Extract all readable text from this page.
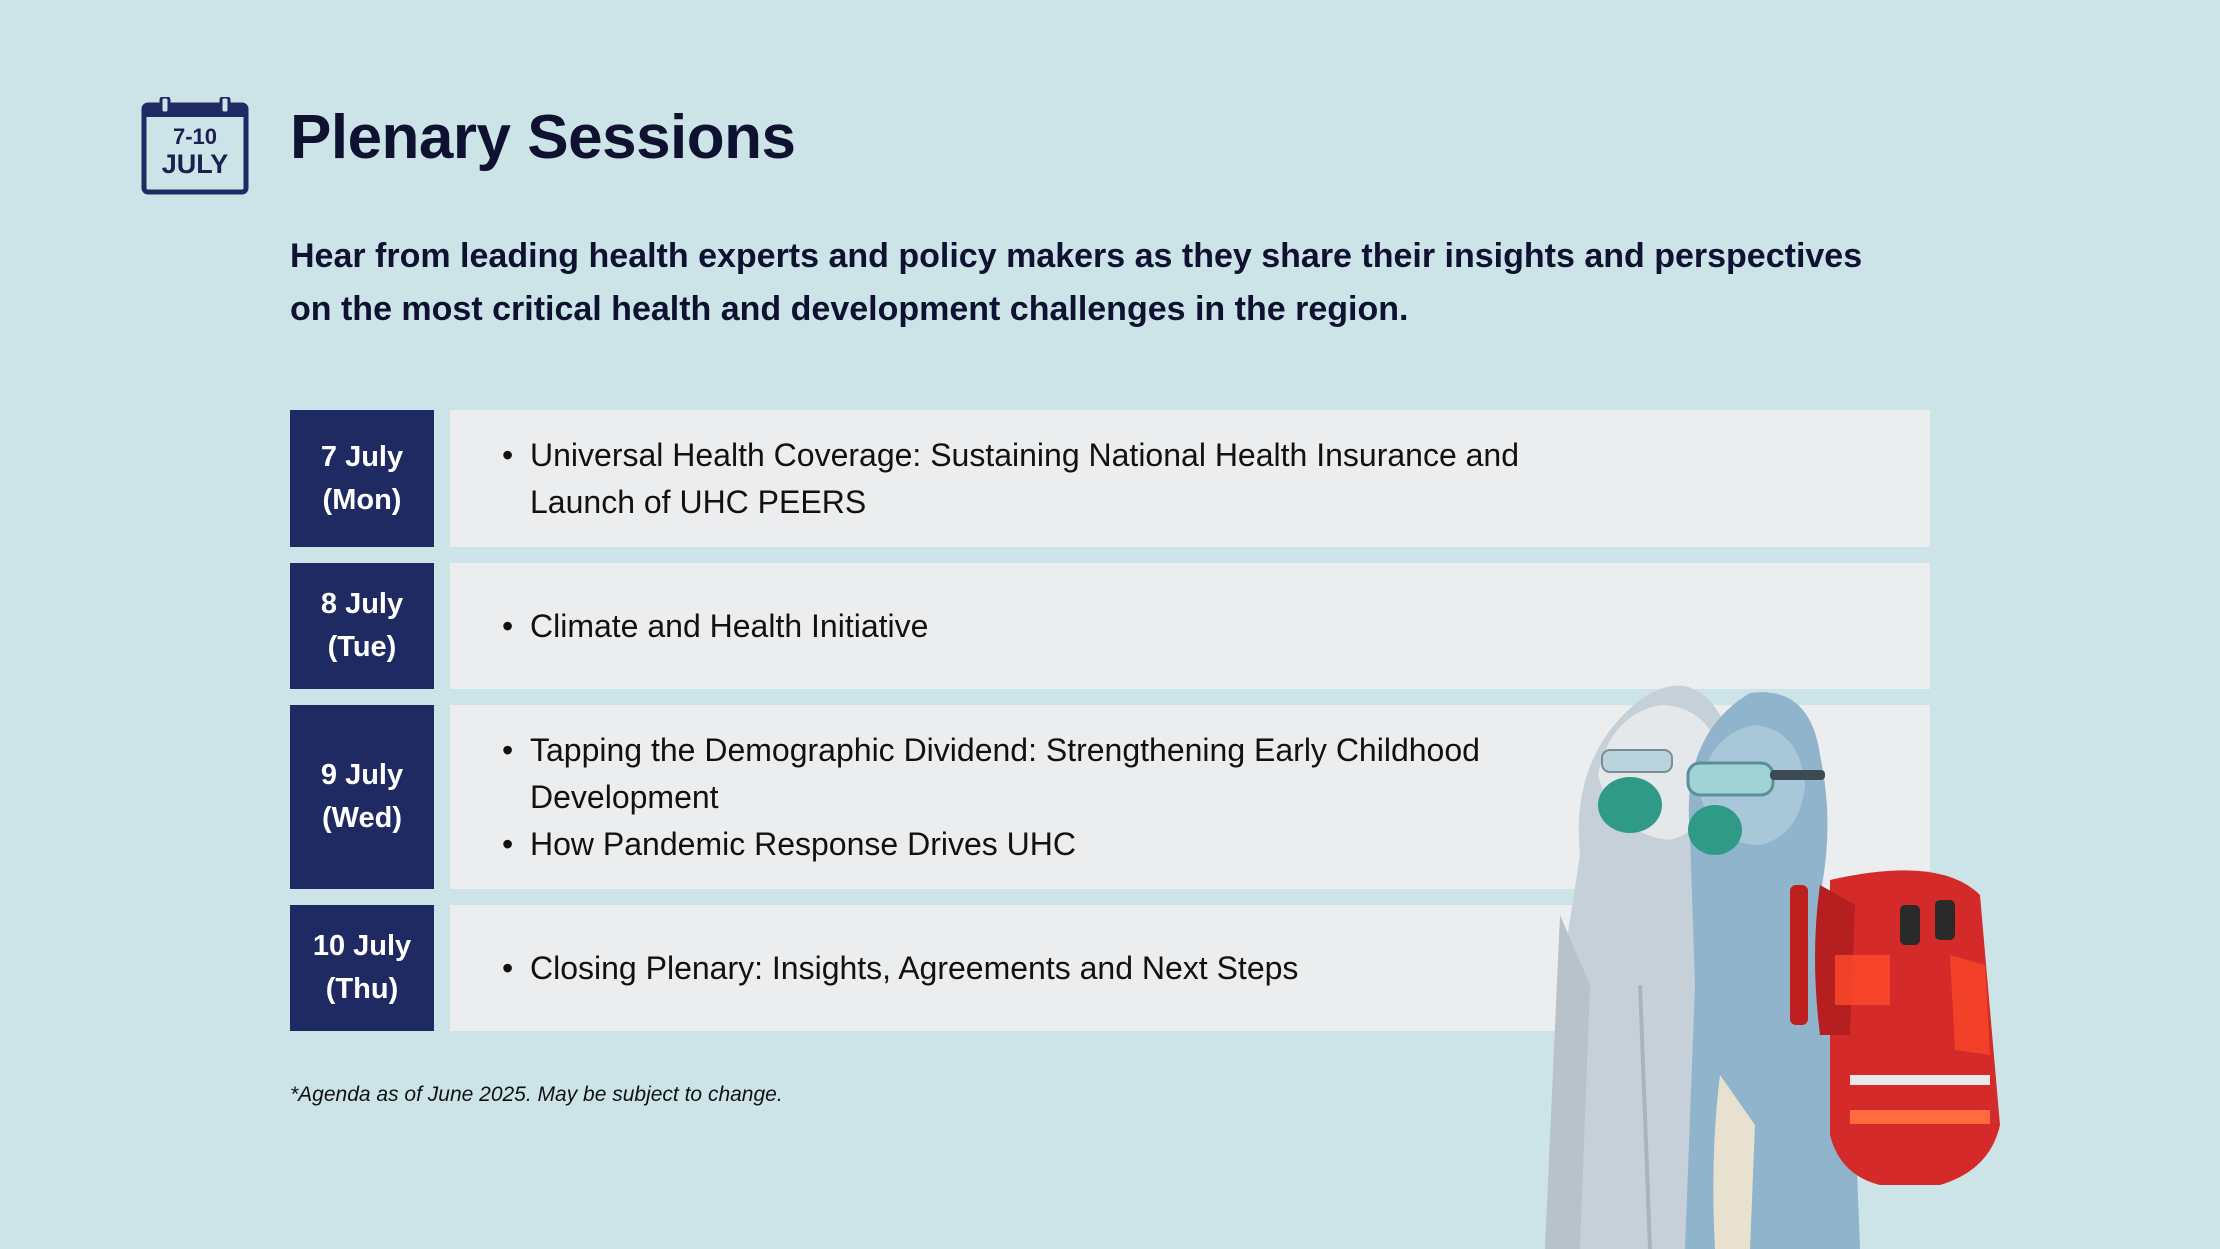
7-10
JULY Plenary Sessions
Hear from leading health experts and policy makers as they share their insights and perspectives
on the most critical health and development challenges in the region.
7 July
(Mon)
• Universal Health Coverage: Sustaining National Health Insurance and Launch of UHC PEERS
8 July
(Tue)
• Climate and Health Initiative
9 July
(Wed)
• Tapping the Demographic Dividend: Strengthening Early Childhood Development
• How Pandemic Response Drives UHC
10 July
(Thu)
• Closing Plenary: Insights, Agreements and Next Steps
*Agenda as of June 2025. May be subject to change.
